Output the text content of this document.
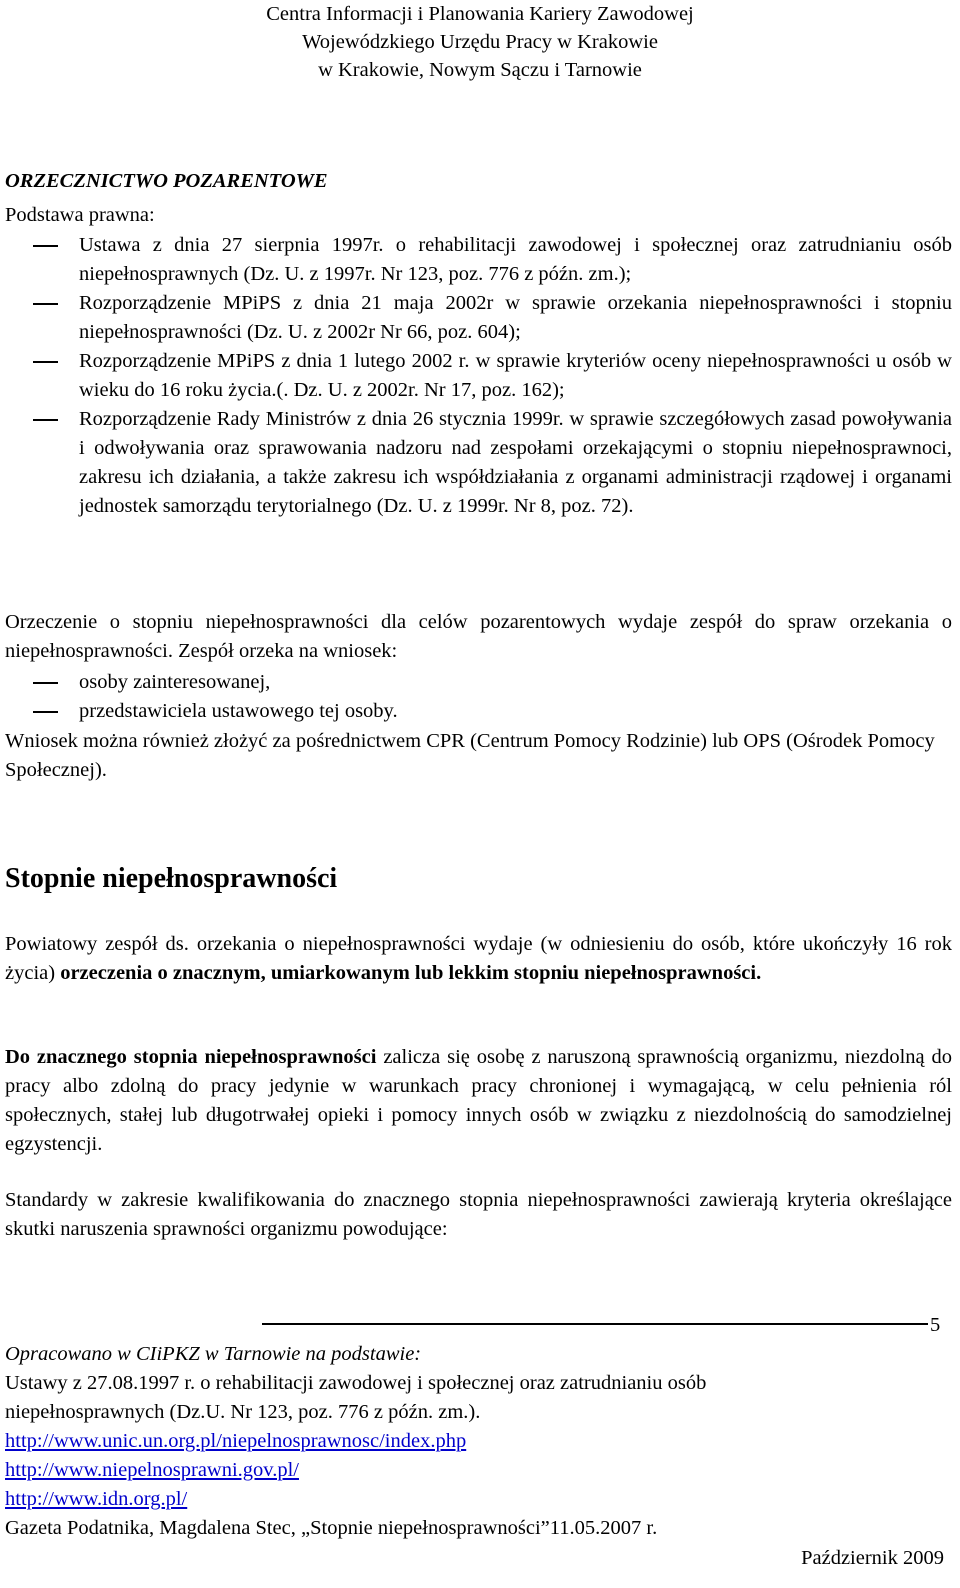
Centra Informacji i Planowania Kariery Zawodowej
Wojewódzkiego Urzędu Pracy w Krakowie
w Krakowie, Nowym Sączu i Tarnowie
ORZECZNICTWO POZARENTOWE
Podstawa prawna:
Ustawa z dnia 27 sierpnia 1997r. o rehabilitacji zawodowej i społecznej oraz zatrudnianiu osób niepełnosprawnych (Dz. U. z 1997r. Nr 123, poz. 776 z późn. zm.);
Rozporządzenie MPiPS z dnia 21 maja 2002r w sprawie orzekania niepełnosprawności i stopniu niepełnosprawności (Dz. U. z 2002r Nr 66, poz. 604);
Rozporządzenie MPiPS z dnia 1 lutego 2002 r. w sprawie kryteriów oceny niepełnosprawności u osób w wieku do 16 roku życia.(. Dz. U. z 2002r. Nr 17, poz. 162);
Rozporządzenie Rady Ministrów z dnia 26 stycznia 1999r. w sprawie szczegółowych zasad powoływania i odwoływania oraz sprawowania nadzoru nad zespołami orzekającymi o stopniu niepełnosprawnoci, zakresu ich działania, a także zakresu ich współdziałania z organami administracji rządowej i organami jednostek samorządu terytorialnego (Dz. U. z 1999r. Nr 8, poz. 72).
Orzeczenie o stopniu niepełnosprawności dla celów pozarentowych wydaje zespół do spraw orzekania o niepełnosprawności. Zespół orzeka na wniosek:
osoby zainteresowanej,
przedstawiciela ustawowego tej osoby.
Wniosek można również złożyć za pośrednictwem CPR (Centrum Pomocy Rodzinie) lub OPS (Ośrodek Pomocy Społecznej).
Stopnie niepełnosprawności
Powiatowy zespół ds. orzekania o niepełnosprawności wydaje (w odniesieniu do osób, które ukończyły 16 rok życia) orzeczenia o znacznym, umiarkowanym lub lekkim stopniu niepełnosprawności.
Do znacznego stopnia niepełnosprawności zalicza się osobę z naruszoną sprawnością organizmu, niezdolną do pracy albo zdolną do pracy jedynie w warunkach pracy chronionej i wymagającą, w celu pełnienia ról społecznych, stałej lub długotrwałej opieki i pomocy innych osób w związku z niezdolnością do samodzielnej egzystencji.
Standardy w zakresie kwalifikowania do znacznego stopnia niepełnosprawności zawierają kryteria określające skutki naruszenia sprawności organizmu powodujące:
5
Opracowano w CIiPKZ w Tarnowie na podstawie:
Ustawy z 27.08.1997 r. o rehabilitacji zawodowej i społecznej oraz zatrudnianiu osób
niepełnosprawnych (Dz.U. Nr 123, poz. 776 z późn. zm.).
http://www.unic.un.org.pl/niepelnosprawnosc/index.php
http://www.niepelnosprawni.gov.pl/
http://www.idn.org.pl/
Gazeta Podatnika, Magdalena Stec, „Stopnie niepełnosprawności”11.05.2007 r.
Październik 2009
